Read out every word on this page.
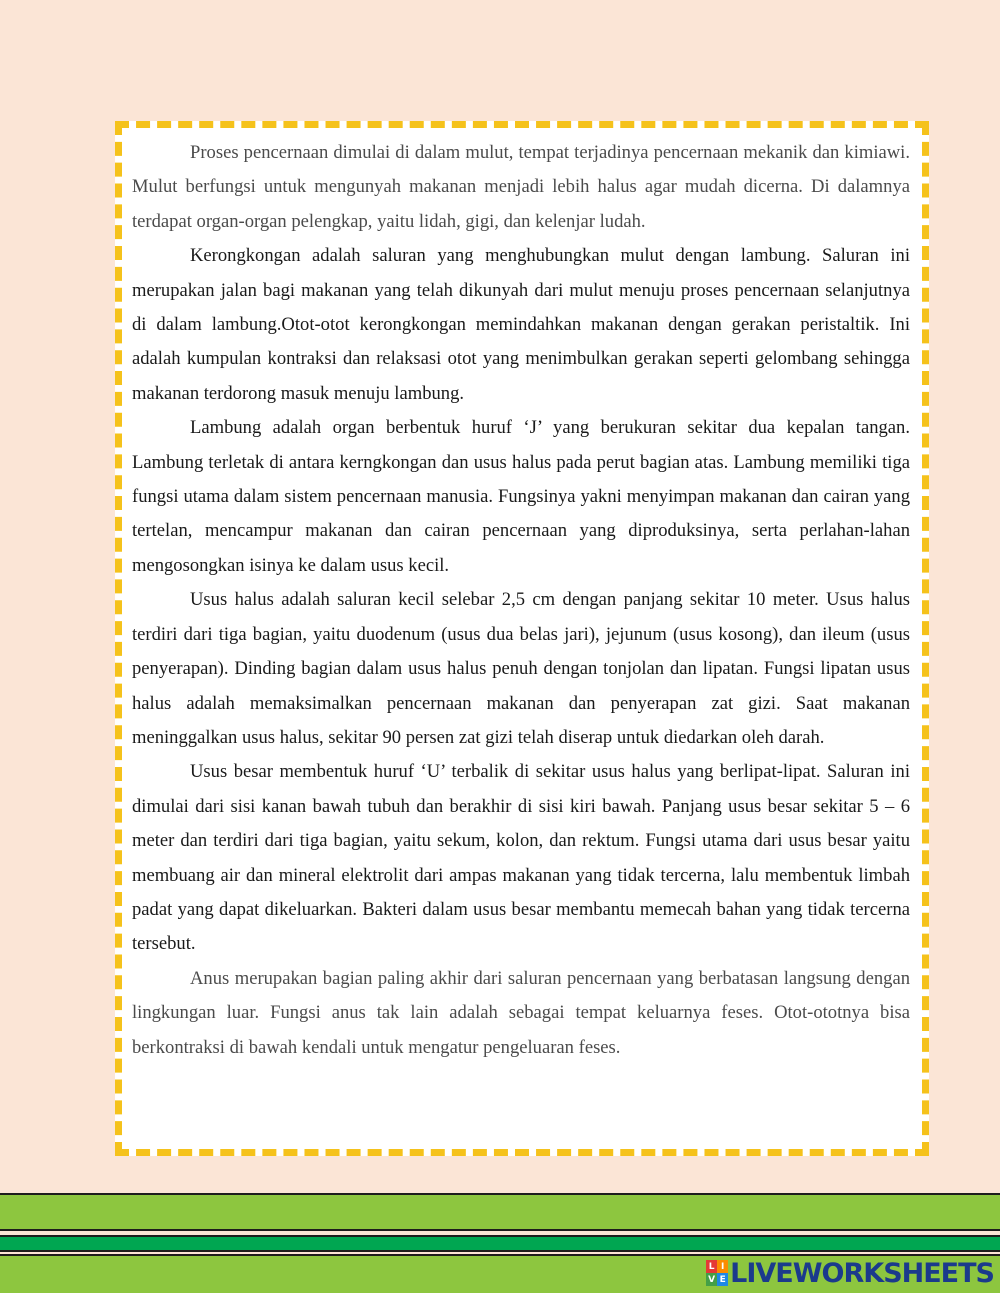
Proses pencernaan dimulai di dalam mulut, tempat terjadinya pencernaan mekanik dan kimiawi. Mulut berfungsi untuk mengunyah makanan menjadi lebih halus agar mudah dicerna. Di dalamnya terdapat organ-organ pelengkap, yaitu lidah, gigi, dan kelenjar ludah.

Kerongkongan adalah saluran yang menghubungkan mulut dengan lambung. Saluran ini merupakan jalan bagi makanan yang telah dikunyah dari mulut menuju proses pencernaan selanjutnya di dalam lambung.Otot-otot kerongkongan memindahkan makanan dengan gerakan peristaltik. Ini adalah kumpulan kontraksi dan relaksasi otot yang menimbulkan gerakan seperti gelombang sehingga makanan terdorong masuk menuju lambung.

Lambung adalah organ berbentuk huruf ‘J’ yang berukuran sekitar dua kepalan tangan. Lambung terletak di antara kerngkongan dan usus halus pada perut bagian atas. Lambung memiliki tiga fungsi utama dalam sistem pencernaan manusia. Fungsinya yakni menyimpan makanan dan cairan yang tertelan, mencampur makanan dan cairan pencernaan yang diproduksinya, serta perlahan-lahan mengosongkan isinya ke dalam usus kecil.

Usus halus adalah saluran kecil selebar 2,5 cm dengan panjang sekitar 10 meter. Usus halus terdiri dari tiga bagian, yaitu duodenum (usus dua belas jari), jejunum (usus kosong), dan ileum (usus penyerapan). Dinding bagian dalam usus halus penuh dengan tonjolan dan lipatan. Fungsi lipatan usus halus adalah memaksimalkan pencernaan makanan dan penyerapan zat gizi. Saat makanan meninggalkan usus halus, sekitar 90 persen zat gizi telah diserap untuk diedarkan oleh darah.

Usus besar membentuk huruf ‘U’ terbalik di sekitar usus halus yang berlipat-lipat. Saluran ini dimulai dari sisi kanan bawah tubuh dan berakhir di sisi kiri bawah. Panjang usus besar sekitar 5 – 6 meter dan terdiri dari tiga bagian, yaitu sekum, kolon, dan rektum. Fungsi utama dari usus besar yaitu membuang air dan mineral elektrolit dari ampas makanan yang tidak tercerna, lalu membentuk limbah padat yang dapat dikeluarkan. Bakteri dalam usus besar membantu memecah bahan yang tidak tercerna tersebut.

Anus merupakan bagian paling akhir dari saluran pencernaan yang berbatasan langsung dengan lingkungan luar. Fungsi anus tak lain adalah sebagai tempat keluarnya feses. Otot-ototnya bisa berkontraksi di bawah kendali untuk mengatur pengeluaran feses.

L I
V E LIVEWORKSHEETS
